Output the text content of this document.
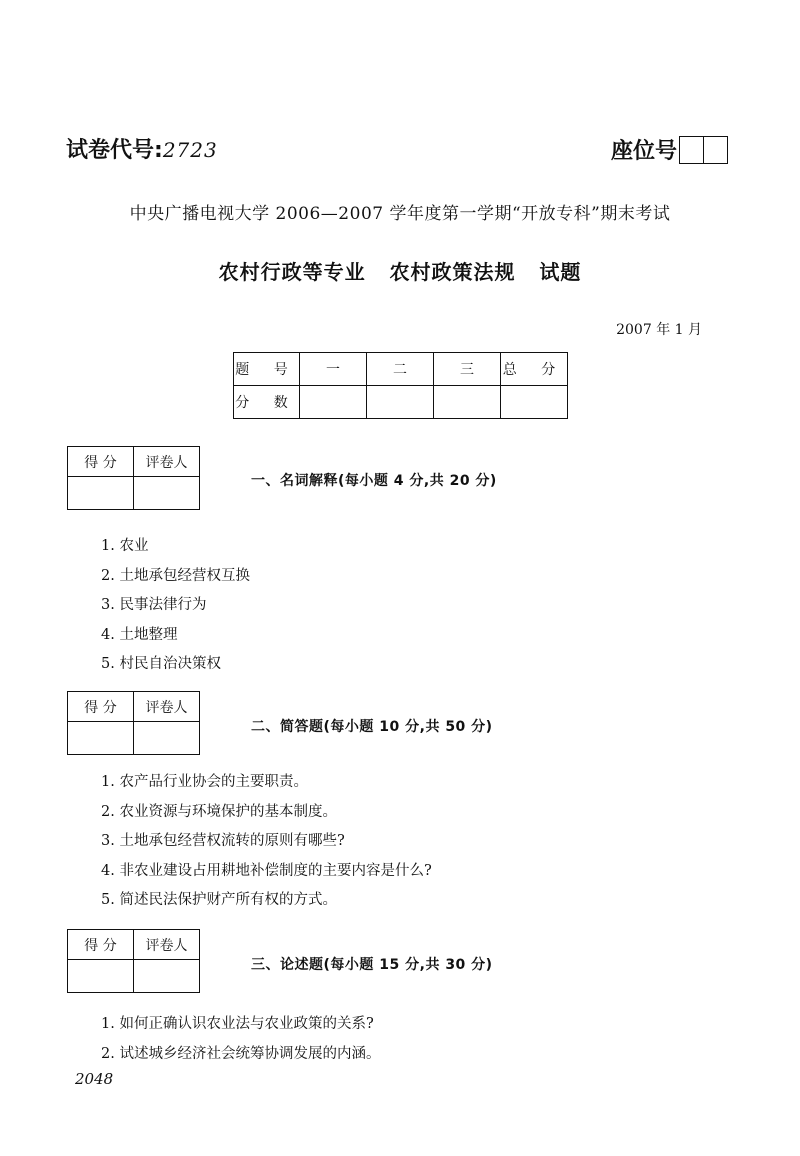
试卷代号:2723	座位号
中央广播电视大学 2006—2007 学年度第一学期“开放专科”期末考试
农村行政等专业   农村政策法规   试题
2007 年 1 月
题 号	一	二	三	总 分
分 数				
得 分	评卷人

一、名词解释(每小题 4 分,共 20 分)
1. 农业
2. 土地承包经营权互换
3. 民事法律行为
4. 土地整理
5. 村民自治决策权
得 分	评卷人

二、简答题(每小题 10 分,共 50 分)
1. 农产品行业协会的主要职责。
2. 农业资源与环境保护的基本制度。
3. 土地承包经营权流转的原则有哪些?
4. 非农业建设占用耕地补偿制度的主要内容是什么?
5. 简述民法保护财产所有权的方式。
得 分	评卷人

三、论述题(每小题 15 分,共 30 分)
1. 如何正确认识农业法与农业政策的关系?
2. 试述城乡经济社会统筹协调发展的内涵。
2048
